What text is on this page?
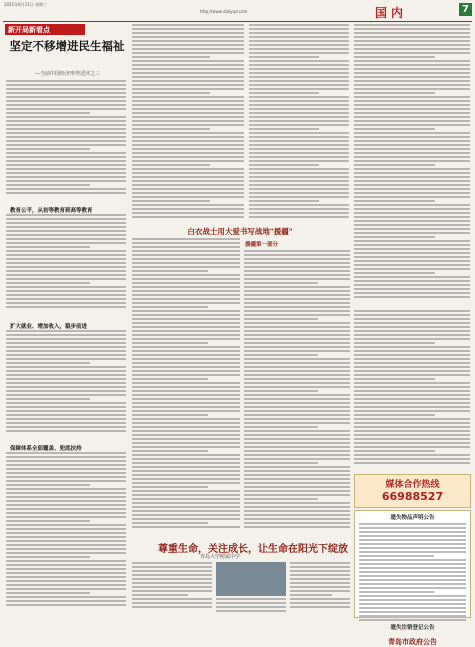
2021年8月11日 星期三
http://www.dailyqd.com	国内	7
新开局新看点
坚定不移增进民生福祉
—当前中国经济形势述评之三
教育公平，从初等教育到高等教育
扩大就业、增加收入，稳步前进
保障体系全面覆盖、兜底扶持
白衣战士用大爱书写战地"援疆"
援疆第一部分
尊重生命，关注成长，让生命在阳光下绽放
青岛大学附属中学
媒体合作热线
66988527
遗失物品声明公告
遗失注销登记公告
青岛市政府公告
